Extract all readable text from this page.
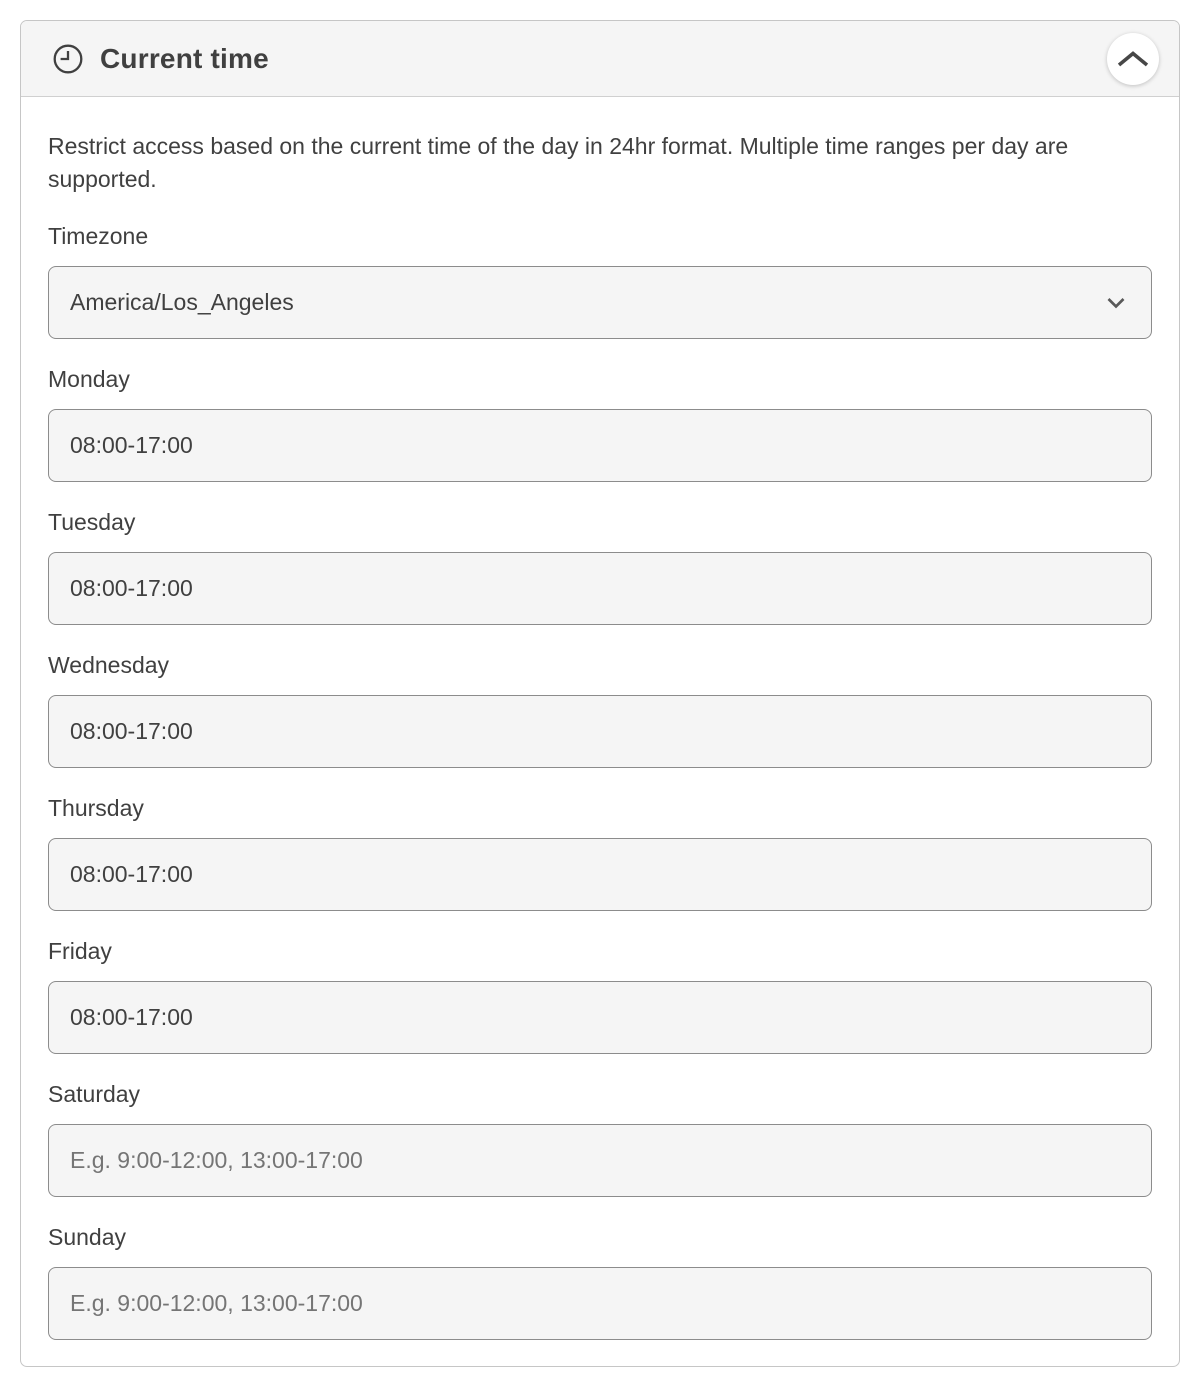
Current time

Restrict access based on the current time of the day in 24hr format. Multiple time ranges per day are supported.

Timezone
America/Los_Angeles
Monday
08:00-17:00
Tuesday
08:00-17:00
Wednesday
08:00-17:00
Thursday
08:00-17:00
Friday
08:00-17:00
Saturday
E.g. 9:00-12:00, 13:00-17:00
Sunday
E.g. 9:00-12:00, 13:00-17:00
